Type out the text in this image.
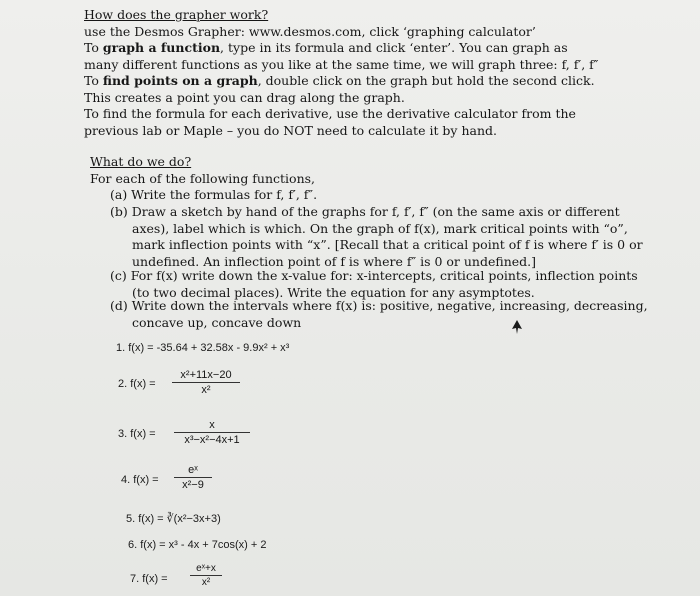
How does the grapher work?
use the Desmos Grapher: www.desmos.com, click ‘graphing calculator’
To graph a function, type in its formula and click ‘enter’. You can graph as many different functions as you like at the same time, we will graph three: f, f′, f″
To find points on a graph, double click on the graph but hold the second click. This creates a point you can drag along the graph.
To find the formula for each derivative, use the derivative calculator from the previous lab or Maple – you do NOT need to calculate it by hand.

What do we do?
For each of the following functions,

(a) Write the formulas for f, f′, f″.

(b) Draw a sketch by hand of the graphs for f, f′, f″ (on the same axis or different axes), label which is which. On the graph of f(x), mark critical points with “o”, mark inflection points with “x”. [Recall that a critical point of f is where f′ is 0 or undefined. An inflection point of f is where f″ is 0 or undefined.]

(c) For f(x) write down the x-value for: x-intercepts, critical points, inflection points (to two decimal places). Write the equation for any asymptotes.

(d) Write down the intervals where f(x) is: positive, negative, increasing, decreasing, concave up, concave down

1. f(x) = -35.64 + 32.58x - 9.9x² + x³
2. f(x) =
x²+11x−20
x²
3. f(x) =
x
x³−x²−4x+1
4. f(x) =
eˣ
x²−9
5. f(x) = ∛(x²−3x+3)
6. f(x) = x³ - 4x + 7cos(x) + 2
7. f(x) =
eˣ+x
x²
